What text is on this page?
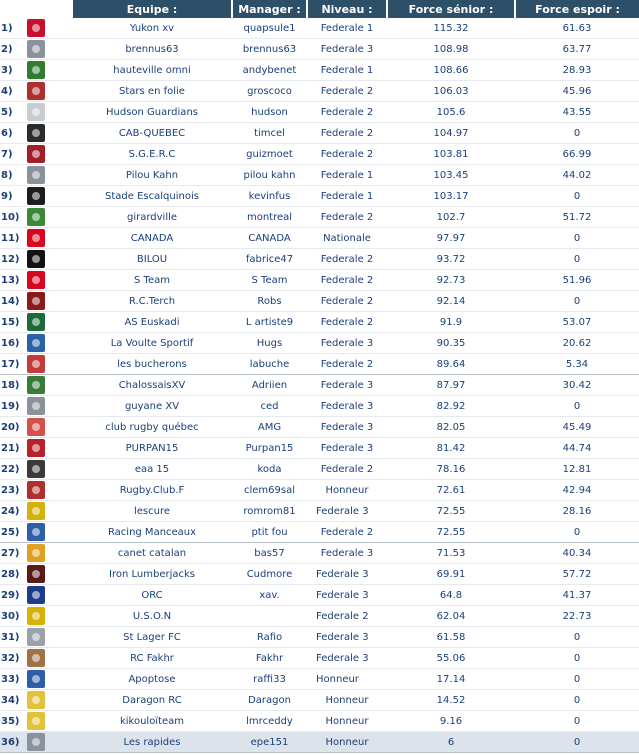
		Equipe :	Manager :	Niveau :	Force sénior :	Force espoir :
1)		Yukon xv	quapsule1	Federale 1	115.32	61.63
2)		brennus63	brennus63	Federale 3	108.98	63.77
3)		hauteville omni	andybenet	Federale 1	108.66	28.93
4)		Stars en folie	groscoco	Federale 2	106.03	45.96
5)		Hudson Guardians	hudson	Federale 2	105.6	43.55
6)		CAB-QUEBEC	timcel	Federale 2	104.97	0
7)		S.G.E.R.C	guizmoet	Federale 2	103.81	66.99
8)		Pilou Kahn	pilou kahn	Federale 1	103.45	44.02
9)		Stade Escalquinois	kevinfus	Federale 1	103.17	0
10)		girardville	montreal	Federale 2	102.7	51.72
11)		CANADA	CANADA	Nationale	97.97	0
12)		BILOU	fabrice47	Federale 2	93.72	0
13)		S Team	S Team	Federale 2	92.73	51.96
14)		R.C.Terch	Robs	Federale 2	92.14	0
15)		AS Euskadi	L artiste9	Federale 2	91.9	53.07
16)		La Voulte Sportif	Hugs	Federale 3	90.35	20.62
17)		les bucherons	labuche	Federale 2	89.64	5.34
18)		ChalossaisXV	Adriien	Federale 3	87.97	30.42
19)		guyane XV	ced	Federale 3	82.92	0
20)		club rugby québec	AMG	Federale 3	82.05	45.49
21)		PURPAN15	Purpan15	Federale 3	81.42	44.74
22)		eaa 15	koda	Federale 2	78.16	12.81
23)		Rugby.Club.F	clem69sal	Honneur	72.61	42.94
24)		lescure	romrom81	Federale 3	72.55	28.16
25)		Racing Manceaux	ptit fou	Federale 2	72.55	0
27)		canet catalan	bas57	Federale 3	71.53	40.34
28)		Iron Lumberjacks	Cudmore	Federale 3	69.91	57.72
29)		ORC	xav.	Federale 3	64.8	41.37
30)		U.S.O.N		Federale 2	62.04	22.73
31)		St Lager FC	Rafio	Federale 3	61.58	0
32)		RC Fakhr	Fakhr	Federale 3	55.06	0
33)		Apoptose	raffi33	Honneur	17.14	0
34)		Daragon RC	Daragon	Honneur	14.52	0
35)		kikouloïteam	lmrceddy	Honneur	9.16	0
36)		Les rapides	epe151	Honneur	6	0
